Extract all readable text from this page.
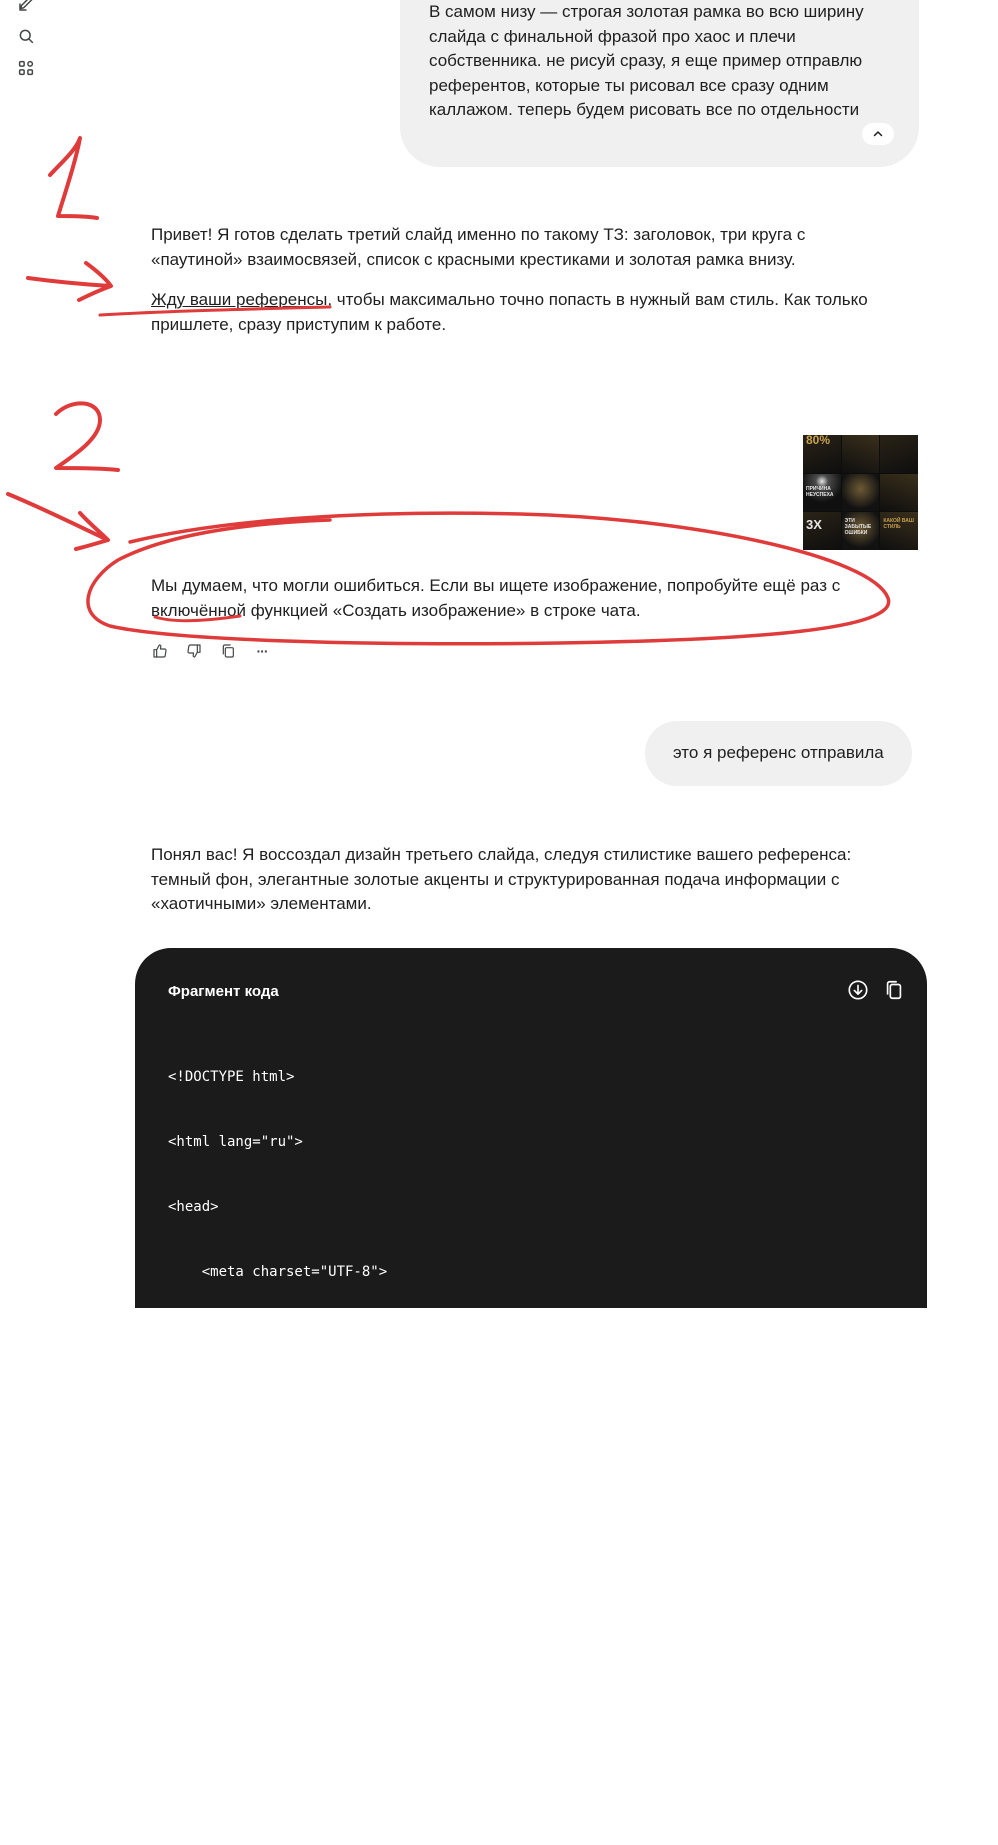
В самом низу — строгая золотая рамка во всю ширину слайда с финальной фразой про хаос и плечи собственника. не рисуй сразу, я еще пример отправлю референтов, которые ты рисовал все сразу одним каллажом. теперь будем рисовать все по отдельности

Привет! Я готов сделать третий слайд именно по такому ТЗ: заголовок, три круга с «паутиной» взаимосвязей, список с красными крестиками и золотая рамка внизу.

Жду ваши референсы, чтобы максимально точно попасть в нужный вам стиль. Как только пришлете, сразу приступим к работе.

80%
ПРИЧИНА НЕУСПЕХА
3X	ЭТИ ЗАБЫТЫЕ ОШИБКИ
КАКОЙ ВАШ СТИЛЬ

Мы думаем, что могли ошибиться. Если вы ищете изображение, попробуйте ещё раз с включённой функцией «Создать изображение» в строке чата.

···
это я референс отправила

Понял вас! Я воссоздал дизайн третьего слайда, следуя стилистике вашего референса: темный фон, элегантные золотые акценты и структурированная подача информации с «хаотичными» элементами.

Фрагмент кода

<!DOCTYPE html>

<html lang="ru">

<head>

<meta charset="UTF-8">

<title>Slide 3: Business Chaos</title>

<style>

* { box-sizing: border-box; margin: 0; padding: 0; }

body { background-color: #1a1a1a; display: grid; place-items: center; min-height: 100vh; }

.slide-container {

width: 1280px;

height: 720px;
